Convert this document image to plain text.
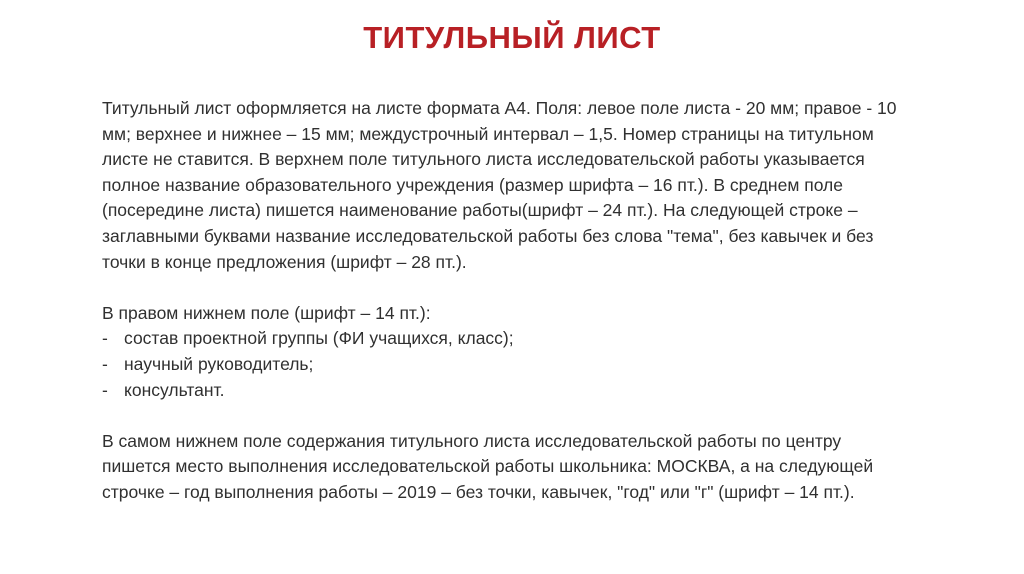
ТИТУЛЬНЫЙ ЛИСТ

Титульный лист оформляется на листе формата А4. Поля: левое поле листа - 20 мм; правое - 10 мм; верхнее и нижнее – 15 мм; междустрочный интервал – 1,5. Номер страницы на титульном листе не ставится. В верхнем поле титульного листа исследовательской работы указывается полное название образовательного учреждения (размер шрифта – 16 пт.). В среднем поле (посередине листа) пишется наименование работы(шрифт – 24 пт.). На следующей строке – заглавными буквами название исследовательской работы без слова "тема", без кавычек и без точки в конце предложения (шрифт – 28 пт.).

В правом нижнем поле (шрифт – 14 пт.):

- состав проектной группы (ФИ учащихся, класс);
- научный руководитель;
- консультант.

В самом нижнем поле содержания титульного листа исследовательской работы по центру пишется место выполнения исследовательской работы школьника: МОСКВА, а на следующей строчке – год выполнения работы – 2019 – без точки, кавычек, "год" или "г" (шрифт – 14 пт.).
